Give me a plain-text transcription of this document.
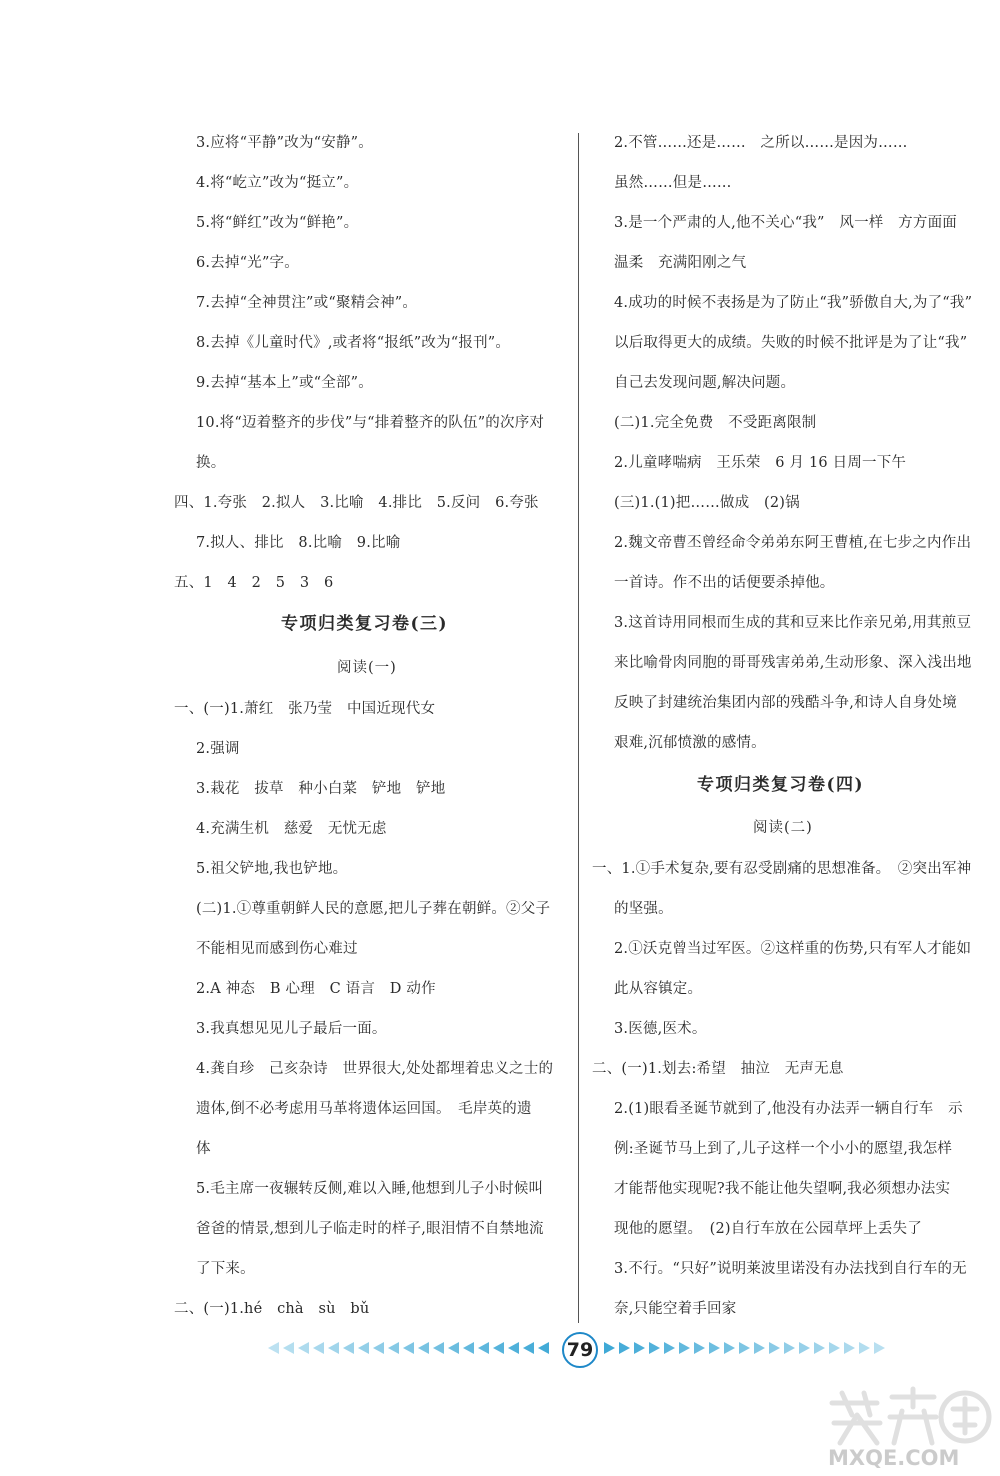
3.应将“平静”改为“安静”。
4.将“屹立”改为“挺立”。
5.将“鲜红”改为“鲜艳”。
6.去掉“光”字。
7.去掉“全神贯注”或“聚精会神”。
8.去掉《儿童时代》,或者将“报纸”改为“报刊”。
9.去掉“基本上”或“全部”。
10.将“迈着整齐的步伐”与“排着整齐的队伍”的次序对
换。
四、1.夸张　2.拟人　3.比喻　4.排比　5.反问　6.夸张
7.拟人、排比　8.比喻　9.比喻
五、1　4　2　5　3　6
专项归类复习卷(三)
阅读(一)
一、(一)1.萧红　张乃莹　中国近现代女
2.强调
3.栽花　拔草　种小白菜　铲地　铲地
4.充满生机　慈爱　无忧无虑
5.祖父铲地,我也铲地。
(二)1.①尊重朝鲜人民的意愿,把儿子葬在朝鲜。②父子
不能相见而感到伤心难过
2.A 神态　B 心理　C 语言　D 动作
3.我真想见见儿子最后一面。
4.龚自珍　己亥杂诗　世界很大,处处都埋着忠义之士的
遗体,倒不必考虑用马革将遗体运回国。　毛岸英的遗
体
5.毛主席一夜辗转反侧,难以入睡,他想到儿子小时候叫
爸爸的情景,想到儿子临走时的样子,眼泪情不自禁地流
了下来。
二、(一)1.hé　chà　sù　bǔ
2.不管……还是……　之所以……是因为……
虽然……但是……
3.是一个严肃的人,他不关心“我”　风一样　方方面面
温柔　充满阳刚之气
4.成功的时候不表扬是为了防止“我”骄傲自大,为了“我”
以后取得更大的成绩。失败的时候不批评是为了让“我”
自己去发现问题,解决问题。
(二)1.完全免费　不受距离限制
2.儿童哮喘病　王乐荣　6 月 16 日周一下午
(三)1.(1)把……做成　(2)锅
2.魏文帝曹丕曾经命令弟弟东阿王曹植,在七步之内作出
一首诗。作不出的话便要杀掉他。
3.这首诗用同根而生成的萁和豆来比作亲兄弟,用萁煎豆
来比喻骨肉同胞的哥哥残害弟弟,生动形象、深入浅出地
反映了封建统治集团内部的残酷斗争,和诗人自身处境
艰难,沉郁愤激的感情。
专项归类复习卷(四)
阅读(二)
一、1.①手术复杂,要有忍受剧痛的思想准备。　②突出军神
的坚强。
2.①沃克曾当过军医。②这样重的伤势,只有军人才能如
此从容镇定。
3.医德,医术。
二、(一)1.划去:希望　抽泣　无声无息
2.(1)眼看圣诞节就到了,他没有办法弄一辆自行车　示
例:圣诞节马上到了,儿子这样一个小小的愿望,我怎样
才能帮他实现呢?我不能让他失望啊,我必须想办法实
现他的愿望。　(2)自行车放在公园草坪上丢失了
3.不行。“只好”说明莱波里诺没有办法找到自行车的无
奈,只能空着手回家
79
MXQE.COM
